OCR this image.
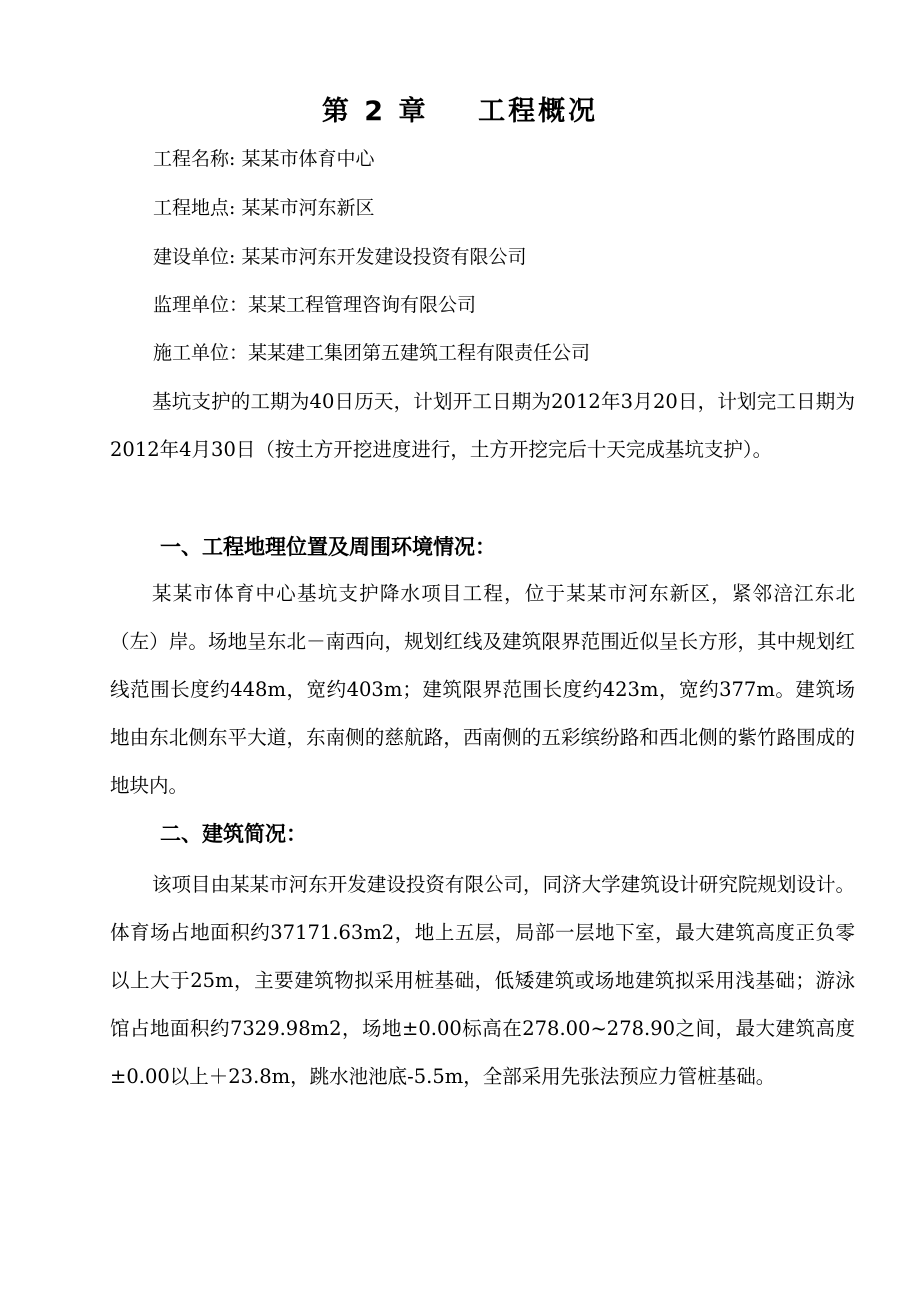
第 2 章    工程概况
工程名称: 某某市体育中心
工程地点: 某某市河东新区
建设单位: 某某市河东开发建设投资有限公司
监理单位：某某工程管理咨询有限公司
施工单位：某某建工集团第五建筑工程有限责任公司

基坑支护的工期为40日历天，计划开工日期为2012年3月20日，计划完工日期为2012年4月30日（按土方开挖进度进行，土方开挖完后十天完成基坑支护）。

一、工程地理位置及周围环境情况：

某某市体育中心基坑支护降水项目工程，位于某某市河东新区，紧邻涪江东北（左）岸。场地呈东北－南西向，规划红线及建筑限界范围近似呈长方形，其中规划红线范围长度约448m，宽约403m；建筑限界范围长度约423m，宽约377m。建筑场地由东北侧东平大道，东南侧的慈航路，西南侧的五彩缤纷路和西北侧的紫竹路围成的地块内。

二、建筑简况：

该项目由某某市河东开发建设投资有限公司，同济大学建筑设计研究院规划设计。体育场占地面积约37171.63m2，地上五层，局部一层地下室，最大建筑高度正负零以上大于25m，主要建筑物拟采用桩基础，低矮建筑或场地建筑拟采用浅基础；游泳馆占地面积约7329.98m2，场地±0.00标高在278.00~278.90之间，最大建筑高度±0.00以上＋23.8m，跳水池池底-5.5m，全部采用先张法预应力管桩基础。
